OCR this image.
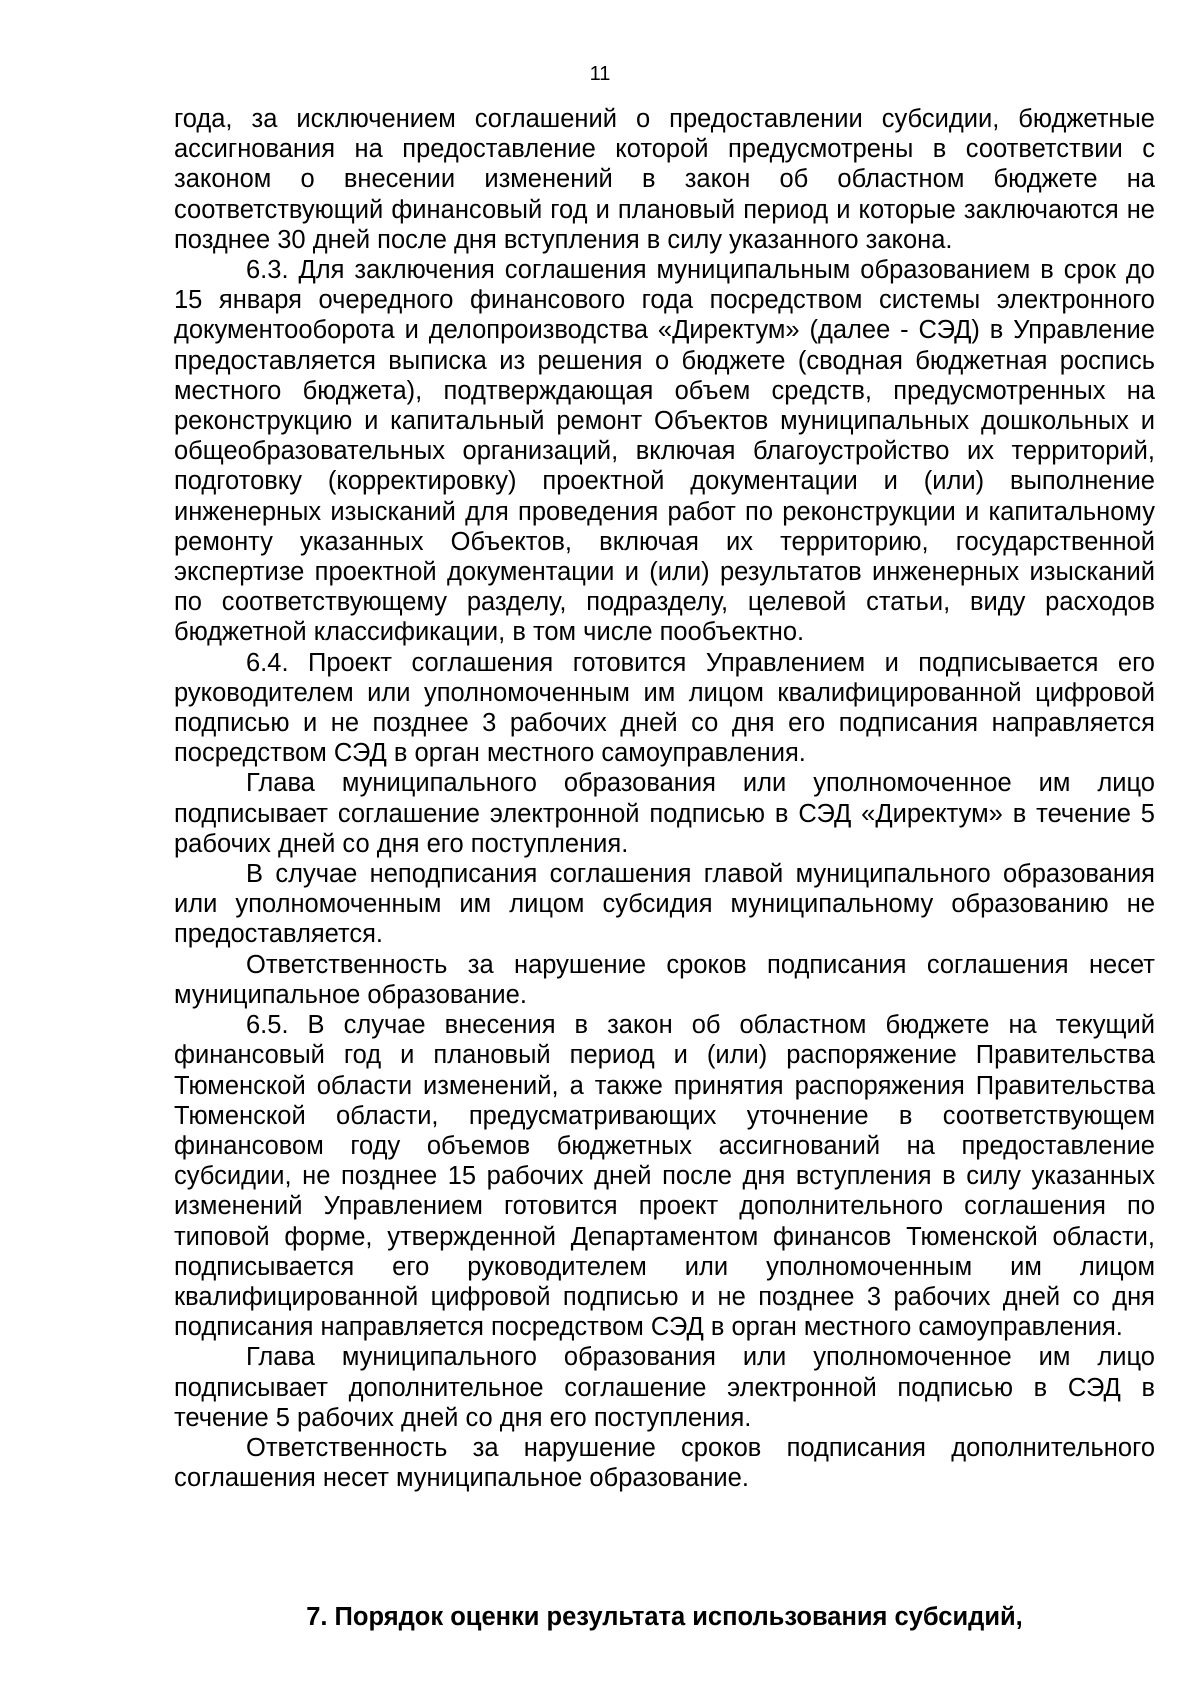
11

года, за исключением соглашений о предоставлении субсидии, бюджетные ассигнования на предоставление которой предусмотрены в соответствии с законом о внесении изменений в закон об областном бюджете на соответствующий финансовый год и плановый период и которые заключаются не позднее 30 дней после дня вступления в силу указанного закона.

6.3. Для заключения соглашения муниципальным образованием в срок до 15 января очередного финансового года посредством системы электронного документооборота и делопроизводства «Директум» (далее - СЭД) в Управление предоставляется выписка из решения о бюджете (сводная бюджетная роспись местного бюджета), подтверждающая объем средств, предусмотренных на реконструкцию и капитальный ремонт Объектов муниципальных дошкольных и общеобразовательных организаций, включая благоустройство их территорий, подготовку (корректировку) проектной документации и (или) выполнение инженерных изысканий для проведения работ по реконструкции и капитальному ремонту указанных Объектов, включая их территорию, государственной экспертизе проектной документации и (или) результатов инженерных изысканий по соответствующему разделу, подразделу, целевой статьи, виду расходов бюджетной классификации, в том числе пообъектно.

6.4. Проект соглашения готовится Управлением и подписывается его руководителем или уполномоченным им лицом квалифицированной цифровой подписью и не позднее 3 рабочих дней со дня его подписания направляется посредством СЭД в орган местного самоуправления.

Глава муниципального образования или уполномоченное им лицо подписывает соглашение электронной подписью в СЭД «Директум» в течение 5 рабочих дней со дня его поступления.

В случае неподписания соглашения главой муниципального образования или уполномоченным им лицом субсидия муниципальному образованию не предоставляется.

Ответственность за нарушение сроков подписания соглашения несет муниципальное образование.

6.5. В случае внесения в закон об областном бюджете на текущий финансовый год и плановый период и (или) распоряжение Правительства Тюменской области изменений, а также принятия распоряжения Правительства Тюменской области, предусматривающих уточнение в соответствующем финансовом году объемов бюджетных ассигнований на предоставление субсидии, не позднее 15 рабочих дней после дня вступления в силу указанных изменений Управлением готовится проект дополнительного соглашения по типовой форме, утвержденной Департаментом финансов Тюменской области, подписывается его руководителем или уполномоченным им лицом квалифицированной цифровой подписью и не позднее 3 рабочих дней со дня подписания направляется посредством СЭД в орган местного самоуправления.

Глава муниципального образования или уполномоченное им лицо подписывает дополнительное соглашение электронной подписью в СЭД в течение 5 рабочих дней со дня его поступления.

Ответственность за нарушение сроков подписания дополнительного соглашения несет муниципальное образование.

7. Порядок оценки результата использования субсидий,
